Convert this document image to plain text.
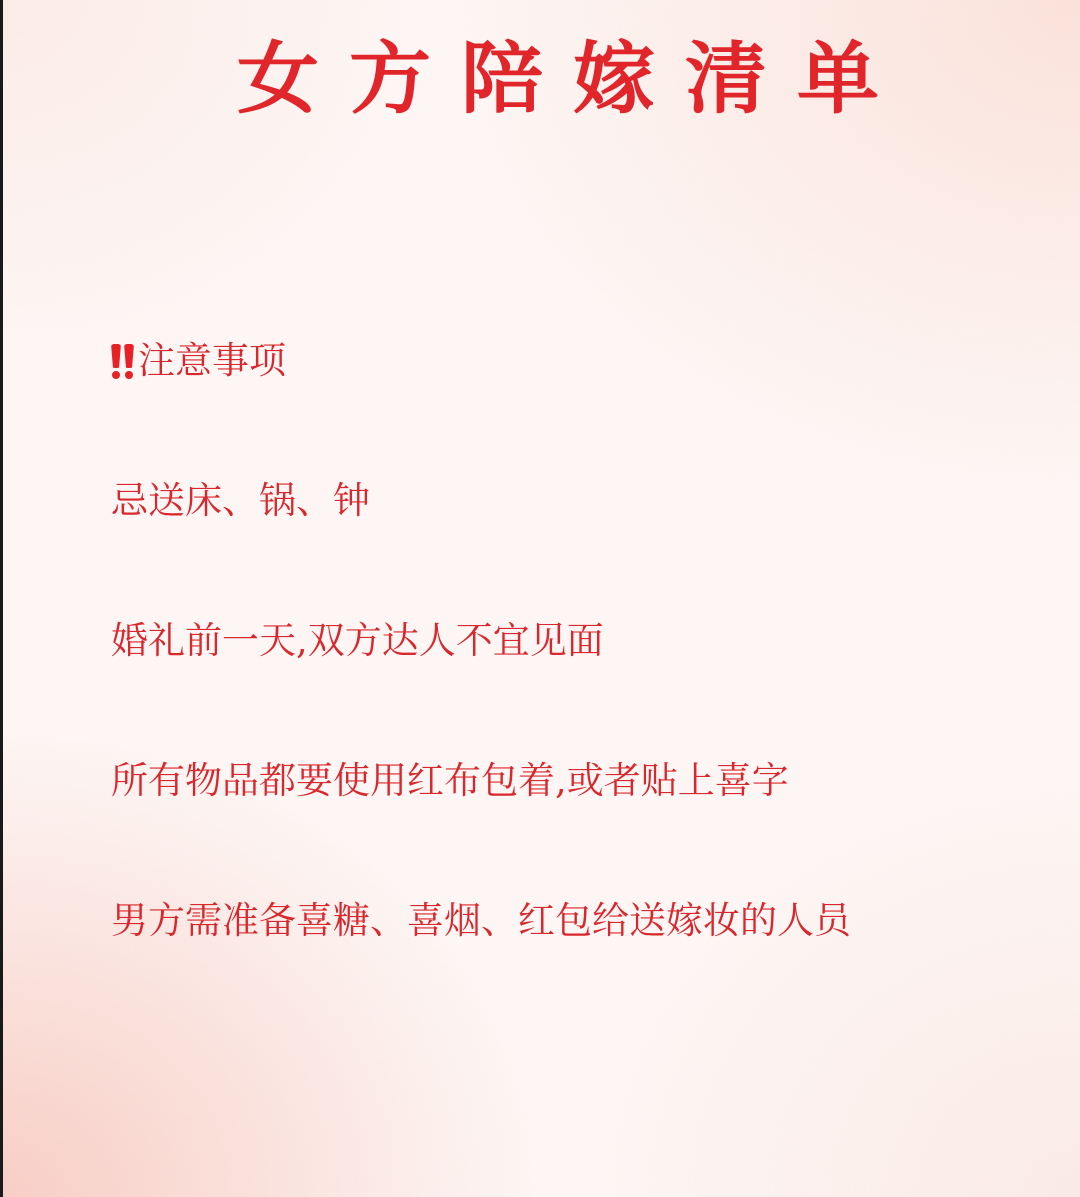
女方陪嫁清单
注意事项
忌送床、锅、钟
婚礼前一天,双方达人不宜见面
所有物品都要使用红布包着,或者贴上喜字
男方需准备喜糖、喜烟、红包给送嫁妆的人员
